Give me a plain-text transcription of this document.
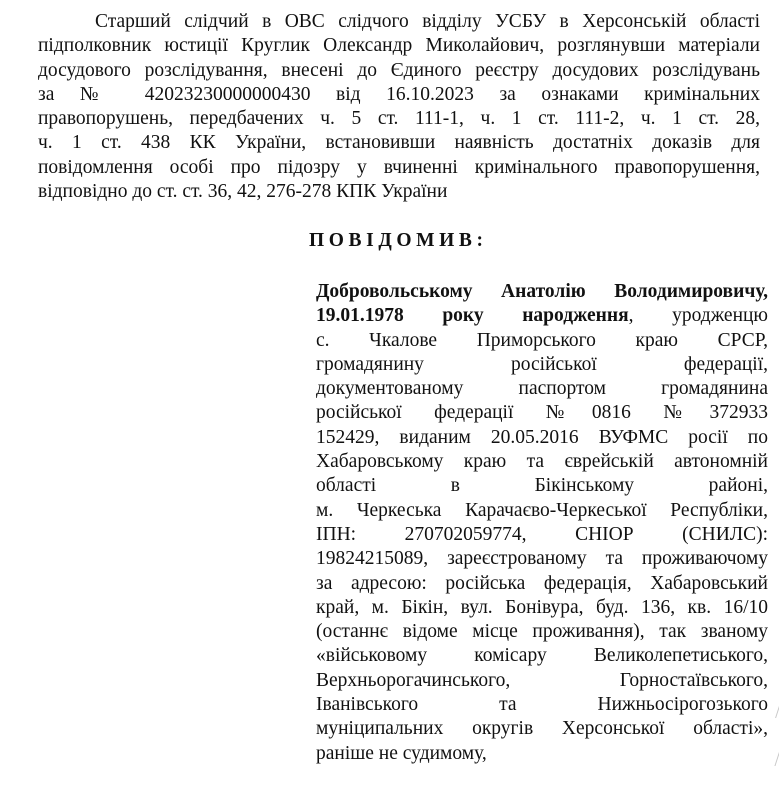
Старший слідчий в ОВС слідчого відділу УСБУ в Херсонській області
підполковник юстиції Круглик Олександр Миколайович, розглянувши матеріали
досудового розслідування, внесені до Єдиного реєстру досудових розслідувань
за № 42023230000000430 від 16.10.2023 за ознаками кримінальних
правопорушень, передбачених ч. 5 ст. 111-1, ч. 1 ст. 111-2, ч. 1 ст. 28,
ч. 1 ст. 438 КК України, встановивши наявність достатніх доказів для
повідомлення особі про підозру у вчиненні кримінального правопорушення,
відповідно до ст. ст. 36, 42, 276-278 КПК України
ПОВІДОМИВ:
Добровольському Анатолію Володимировичу,
19.01.1978 року народження, уродженцю
с. Чкалове Приморського краю СРСР,
громадянину російської федерації,
документованому паспортом громадянина
російської федерації №0816 №372933
152429, виданим 20.05.2016 ВУФМС росії по
Хабаровському краю та єврейській автономній
області в Бікінському районі,
м. Черкеська Карачаєво-Черкеської Республіки,
ІПН: 270702059774, СНІОР (СНИЛС):
19824215089, зареєстрованому та проживаючому
за адресою: російська федерація, Хабаровський
край, м. Бікін, вул. Бонівура, буд. 136, кв. 16/10
(останнє відоме місце проживання), так званому
«військовому комісару Великолепетиського,
Верхньорогачинського, Горностаївського,
Іванівського та Нижньосірогозького
муніципальних округів Херсонської області»,
раніше не судимому,
